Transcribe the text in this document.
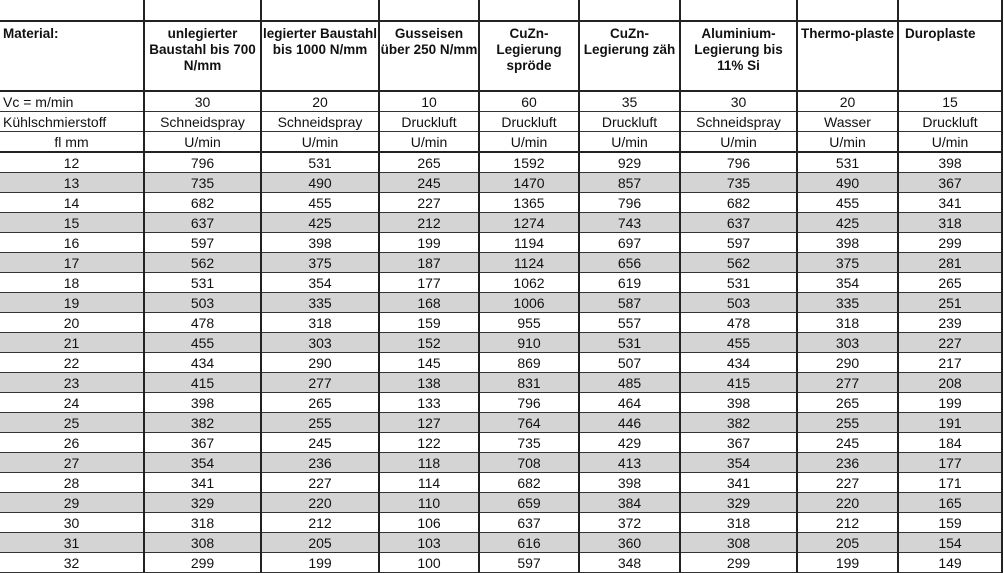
Material:	unlegierter Baustahl bis 700 N/mm	legierter Baustahl bis 1000 N/mm	Gusseisen über 250 N/mm	CuZn-Legierung spröde	CuZn-Legierung zäh	Aluminium-Legierung bis 11% Si	Thermo-plaste	Duroplaste
Vc = m/min	30	20	10	60	35	30	20	15
Kühlschmierstoff	Schneidspray	Schneidspray	Druckluft	Druckluft	Druckluft	Schneidspray	Wasser	Druckluft
fl mm	U/min	U/min	U/min	U/min	U/min	U/min	U/min	U/min
12	796	531	265	1592	929	796	531	398
13	735	490	245	1470	857	735	490	367
14	682	455	227	1365	796	682	455	341
15	637	425	212	1274	743	637	425	318
16	597	398	199	1194	697	597	398	299
17	562	375	187	1124	656	562	375	281
18	531	354	177	1062	619	531	354	265
19	503	335	168	1006	587	503	335	251
20	478	318	159	955	557	478	318	239
21	455	303	152	910	531	455	303	227
22	434	290	145	869	507	434	290	217
23	415	277	138	831	485	415	277	208
24	398	265	133	796	464	398	265	199
25	382	255	127	764	446	382	255	191
26	367	245	122	735	429	367	245	184
27	354	236	118	708	413	354	236	177
28	341	227	114	682	398	341	227	171
29	329	220	110	659	384	329	220	165
30	318	212	106	637	372	318	212	159
31	308	205	103	616	360	308	205	154
32	299	199	100	597	348	299	199	149
